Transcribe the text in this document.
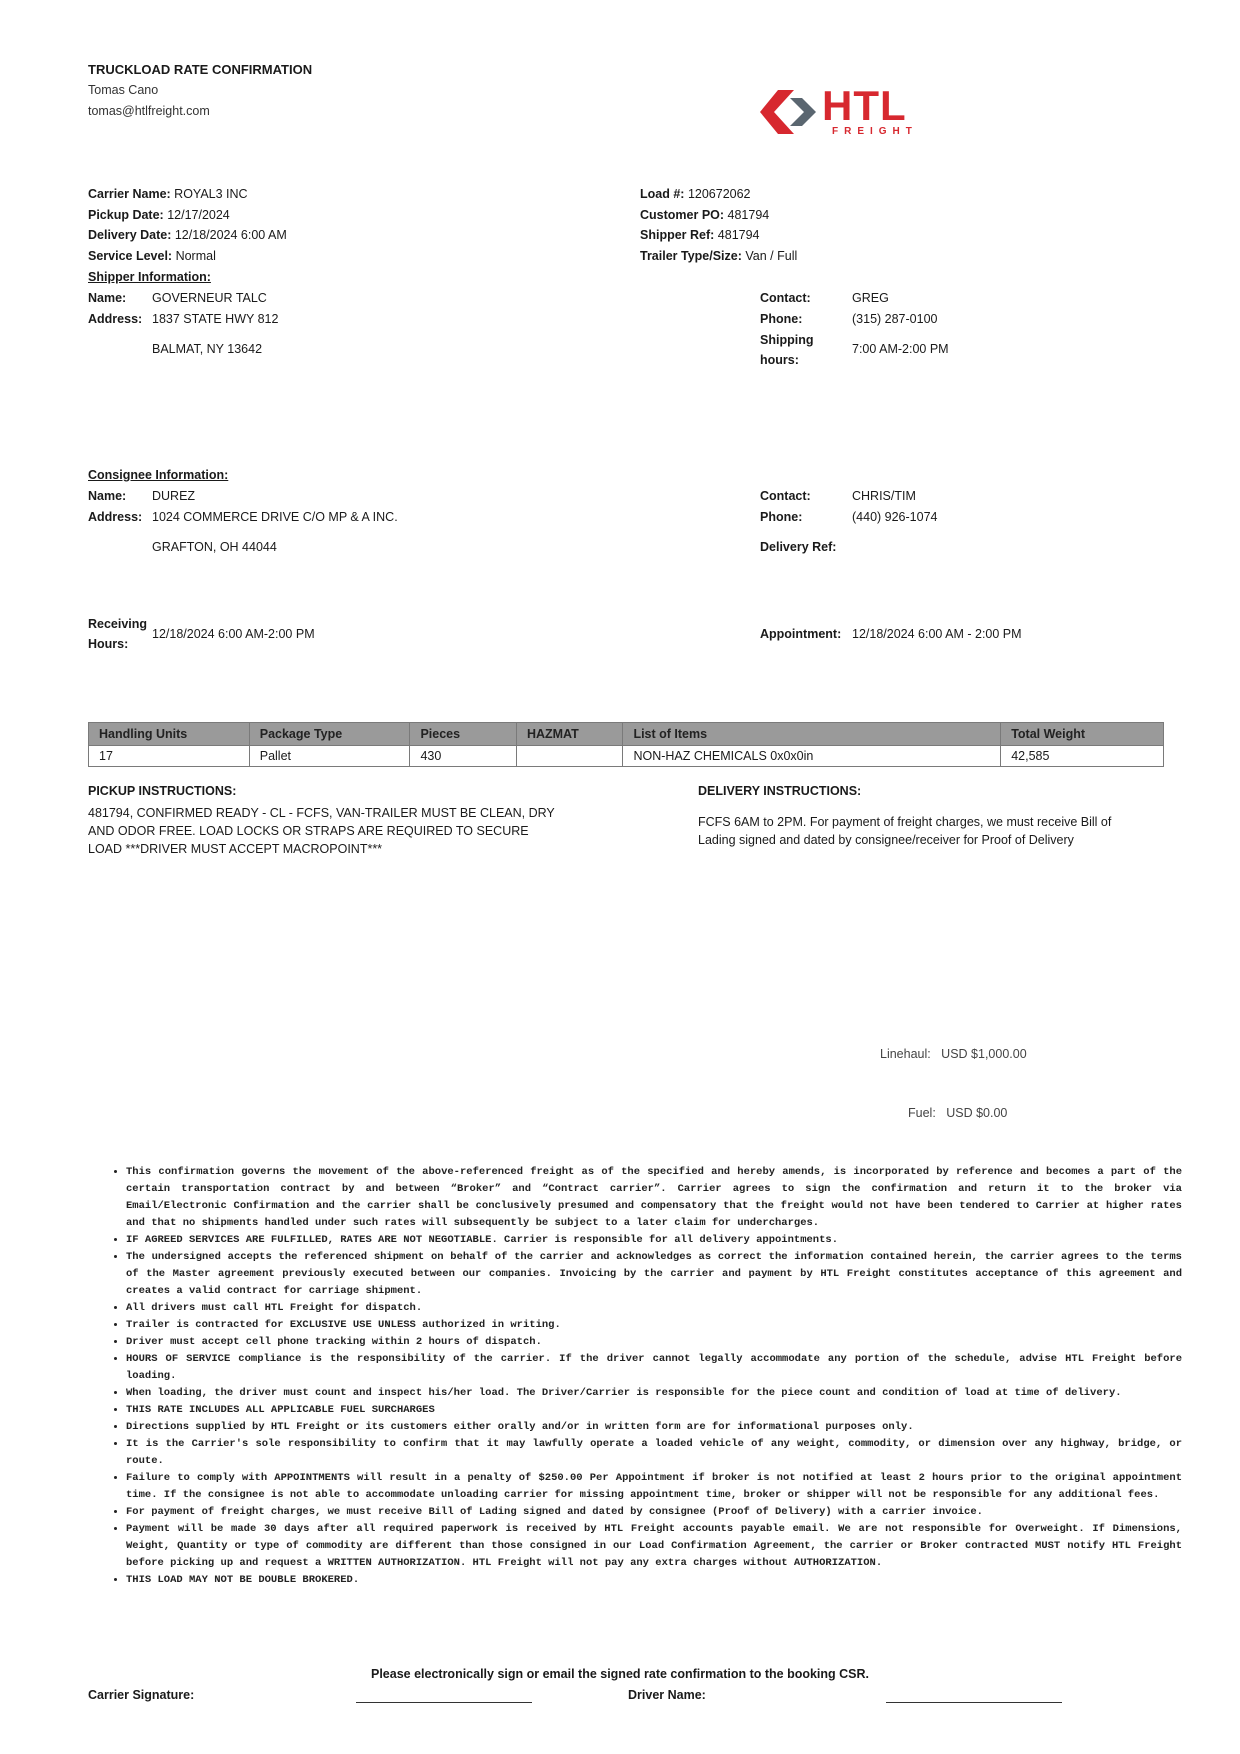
TRUCKLOAD RATE CONFIRMATION
Tomas Cano
tomas@htlfreight.com	HTL
FREIGHT
Carrier Name: ROYAL3 INC
Pickup Date: 12/17/2024
Delivery Date: 12/18/2024 6:00 AM
Service Level: Normal
Load #: 120672062
Customer PO: 481794
Shipper Ref: 481794
Trailer Type/Size: Van / Full
Shipper Information:
Name: GOVERNEUR TALC
Address: 1837 STATE HWY 812
BALMAT, NY 13642
Contact:	GREG
Phone:	(315) 287-0100
Shipping
hours:
7:00 AM-2:00 PM
Consignee Information:
Name: DUREZ
Address: 1024 COMMERCE DRIVE C/O MP & A INC.
GRAFTON, OH 44044
Contact:	CHRIS/TIM
Phone:	(440) 926-1074
Delivery Ref:
Receiving
Hours:
12/18/2024 6:00 AM-2:00 PM	Appointment: 12/18/2024 6:00 AM - 2:00 PM
Handling Units	Package Type	Pieces	HAZMAT	List of Items	Total Weight
17	Pallet	430		NON-HAZ CHEMICALS 0x0x0in	42,585
PICKUP INSTRUCTIONS:
481794, CONFIRMED READY - CL - FCFS, VAN-TRAILER MUST BE CLEAN, DRY
AND ODOR FREE. LOAD LOCKS OR STRAPS ARE REQUIRED TO SECURE
LOAD ***DRIVER MUST ACCEPT MACROPOINT***
DELIVERY INSTRUCTIONS:
FCFS 6AM to 2PM. For payment of freight charges, we must receive Bill of
Lading signed and dated by consignee/receiver for Proof of Delivery
Linehaul: USD $1,000.00
Fuel: USD $0.00
• This confirmation governs the movement of the above-referenced freight as of the specified and hereby amends, is incorporated by reference and becomes a part of the certain transportation contract by and between “Broker” and “Contract carrier”. Carrier agrees to sign the confirmation and return it to the broker via Email/Electronic Confirmation and the carrier shall be conclusively presumed and compensatory that the freight would not have been tendered to Carrier at higher rates and that no shipments handled under such rates will subsequently be subject to a later claim for undercharges.
• IF AGREED SERVICES ARE FULFILLED, RATES ARE NOT NEGOTIABLE. Carrier is responsible for all delivery appointments.
• The undersigned accepts the referenced shipment on behalf of the carrier and acknowledges as correct the information contained herein, the carrier agrees to the terms of the Master agreement previously executed between our companies. Invoicing by the carrier and payment by HTL Freight constitutes acceptance of this agreement and creates a valid contract for carriage shipment.
• All drivers must call HTL Freight for dispatch.
• Trailer is contracted for EXCLUSIVE USE UNLESS authorized in writing.
• Driver must accept cell phone tracking within 2 hours of dispatch.
• HOURS OF SERVICE compliance is the responsibility of the carrier. If the driver cannot legally accommodate any portion of the schedule, advise HTL Freight before loading.
• When loading, the driver must count and inspect his/her load. The Driver/Carrier is responsible for the piece count and condition of load at time of delivery.
• THIS RATE INCLUDES ALL APPLICABLE FUEL SURCHARGES
• Directions supplied by HTL Freight or its customers either orally and/or in written form are for informational purposes only.
• It is the Carrier's sole responsibility to confirm that it may lawfully operate a loaded vehicle of any weight, commodity, or dimension over any highway, bridge, or route.
• Failure to comply with APPOINTMENTS will result in a penalty of $250.00 Per Appointment if broker is not notified at least 2 hours prior to the original appointment time. If the consignee is not able to accommodate unloading carrier for missing appointment time, broker or shipper will not be responsible for any additional fees.
• For payment of freight charges, we must receive Bill of Lading signed and dated by consignee (Proof of Delivery) with a carrier invoice.
• Payment will be made 30 days after all required paperwork is received by HTL Freight accounts payable email. We are not responsible for Overweight. If Dimensions, Weight, Quantity or type of commodity are different than those consigned in our Load Confirmation Agreement, the carrier or Broker contracted MUST notify HTL Freight before picking up and request a WRITTEN AUTHORIZATION. HTL Freight will not pay any extra charges without AUTHORIZATION.
• THIS LOAD MAY NOT BE DOUBLE BROKERED.
Please electronically sign or email the signed rate confirmation to the booking CSR.
Carrier Signature:	Driver Name:
